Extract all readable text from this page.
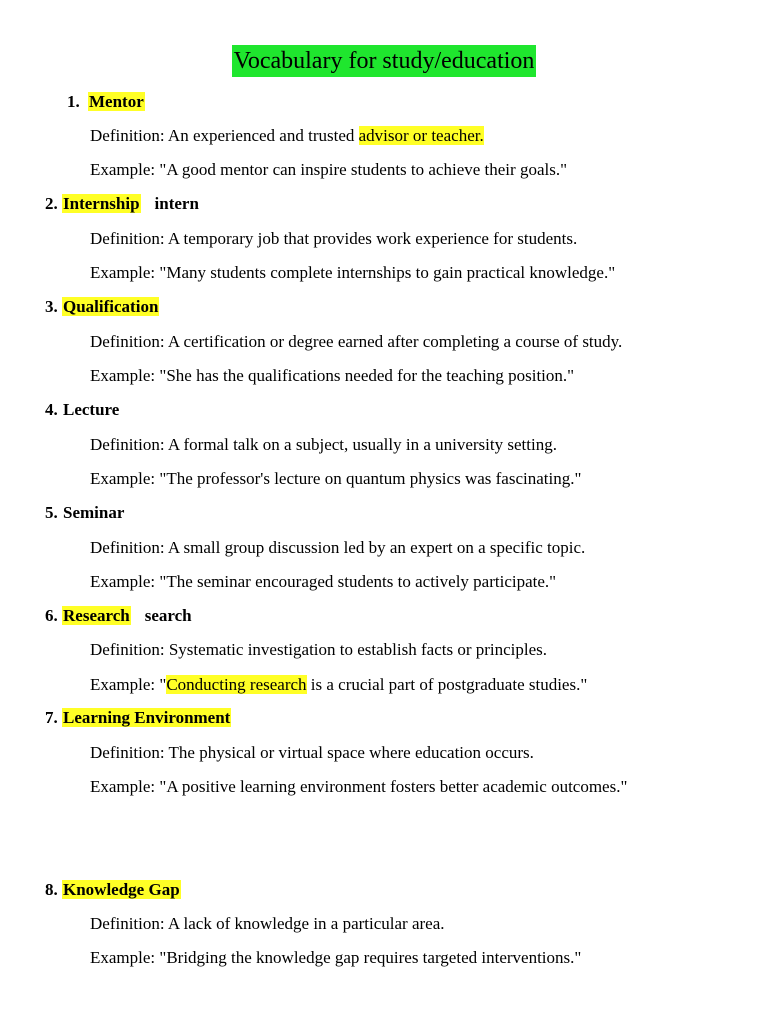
Vocabulary for study/education
1. Mentor
Definition: An experienced and trusted advisor or teacher.
Example: "A good mentor can inspire students to achieve their goals."
2. Internship intern
Definition: A temporary job that provides work experience for students.
Example: "Many students complete internships to gain practical knowledge."
3. Qualification
Definition: A certification or degree earned after completing a course of study.
Example: "She has the qualifications needed for the teaching position."
4. Lecture
Definition: A formal talk on a subject, usually in a university setting.
Example: "The professor's lecture on quantum physics was fascinating."
5. Seminar
Definition: A small group discussion led by an expert on a specific topic.
Example: "The seminar encouraged students to actively participate."
6. Research search
Definition: Systematic investigation to establish facts or principles.
Example: "Conducting research is a crucial part of postgraduate studies."
7. Learning Environment
Definition: The physical or virtual space where education occurs.
Example: "A positive learning environment fosters better academic outcomes."
8. Knowledge Gap
Definition: A lack of knowledge in a particular area.
Example: "Bridging the knowledge gap requires targeted interventions."
